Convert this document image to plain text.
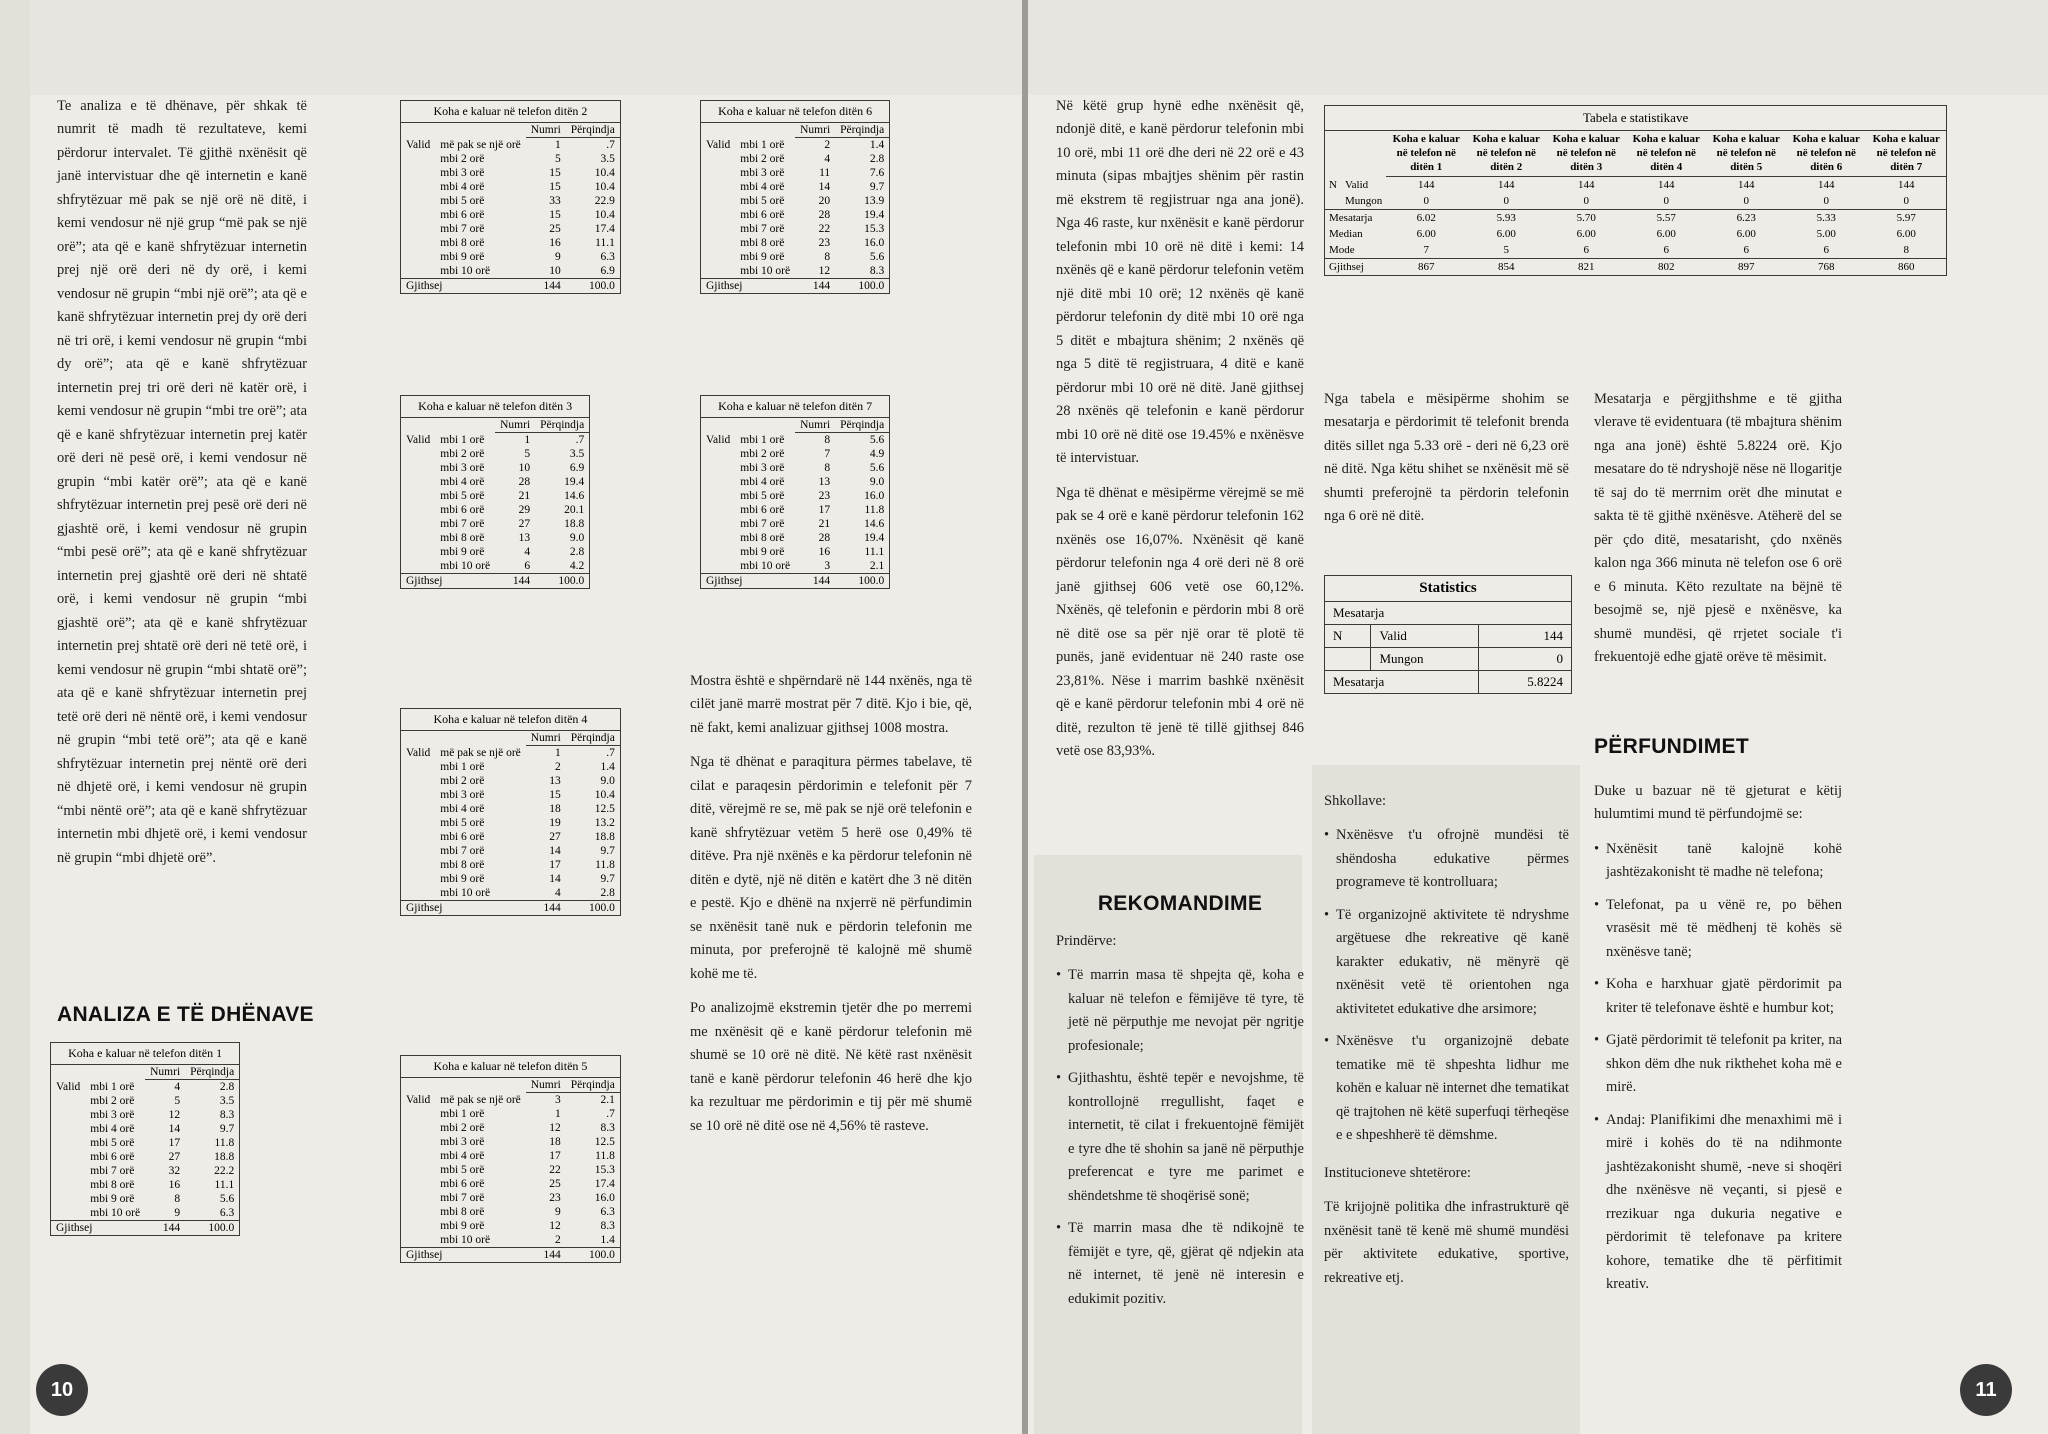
Te analiza e të dhënave, për shkak të numrit të madh të rezultateve, kemi përdorur intervalet. Të gjithë nxënësit që janë intervistuar dhe që internetin e kanë shfrytëzuar më pak se një orë në ditë, i kemi vendosur në një grup “më pak se një orë”; ata që e kanë shfrytëzuar internetin prej një orë deri në dy orë, i kemi vendosur në grupin “mbi një orë”; ata që e kanë shfrytëzuar internetin prej dy orë deri në tri orë, i kemi vendosur në grupin “mbi dy orë”; ata që e kanë shfrytëzuar internetin prej tri orë deri në katër orë, i kemi vendosur në grupin “mbi tre orë”; ata që e kanë shfrytëzuar internetin prej katër orë deri në pesë orë, i kemi vendosur në grupin “mbi katër orë”; ata që e kanë shfrytëzuar internetin prej pesë orë deri në gjashtë orë, i kemi vendosur në grupin “mbi pesë orë”; ata që e kanë shfrytëzuar internetin prej gjashtë orë deri në shtatë orë, i kemi vendosur në grupin “mbi gjashtë orë”; ata që e kanë shfrytëzuar internetin prej shtatë orë deri në tetë orë, i kemi vendosur në grupin “mbi shtatë orë”; ata që e kanë shfrytëzuar internetin prej tetë orë deri në nëntë orë, i kemi vendosur në grupin “mbi tetë orë”; ata që e kanë shfrytëzuar internetin prej nëntë orë deri në dhjetë orë, i kemi vendosur në grupin “mbi nëntë orë”; ata që e kanë shfrytëzuar internetin mbi dhjetë orë, i kemi vendosur në grupin “mbi dhjetë orë”.

ANALIZA E TË DHËNAVE
Koha e kaluar në telefon ditën 1
		Numri	Përqindja
Valid	mbi 1 orë	4	2.8
	mbi 2 orë	5	3.5
	mbi 3 orë	12	8.3
	mbi 4 orë	14	9.7
	mbi 5 orë	17	11.8
	mbi 6 orë	27	18.8
	mbi 7 orë	32	22.2
	mbi 8 orë	16	11.1
	mbi 9 orë	8	5.6
	mbi 10 orë	9	6.3
Gjithsej		144	100.0
Koha e kaluar në telefon ditën 2
		Numri	Përqindja
Valid	më pak se një orë	1	.7
	mbi 2 orë	5	3.5
	mbi 3 orë	15	10.4
	mbi 4 orë	15	10.4
	mbi 5 orë	33	22.9
	mbi 6 orë	15	10.4
	mbi 7 orë	25	17.4
	mbi 8 orë	16	11.1
	mbi 9 orë	9	6.3
	mbi 10 orë	10	6.9
Gjithsej		144	100.0
Koha e kaluar në telefon ditën 3
		Numri	Përqindja
Valid	mbi 1 orë	1	.7
	mbi 2 orë	5	3.5
	mbi 3 orë	10	6.9
	mbi 4 orë	28	19.4
	mbi 5 orë	21	14.6
	mbi 6 orë	29	20.1
	mbi 7 orë	27	18.8
	mbi 8 orë	13	9.0
	mbi 9 orë	4	2.8
	mbi 10 orë	6	4.2
Gjithsej		144	100.0
Koha e kaluar në telefon ditën 4
		Numri	Përqindja
Valid	më pak se një orë	1	.7
	mbi 1 orë	2	1.4
	mbi 2 orë	13	9.0
	mbi 3 orë	15	10.4
	mbi 4 orë	18	12.5
	mbi 5 orë	19	13.2
	mbi 6 orë	27	18.8
	mbi 7 orë	14	9.7
	mbi 8 orë	17	11.8
	mbi 9 orë	14	9.7
	mbi 10 orë	4	2.8
Gjithsej		144	100.0
Koha e kaluar në telefon ditën 5
		Numri	Përqindja
Valid	më pak se një orë	3	2.1
	mbi 1 orë	1	.7
	mbi 2 orë	12	8.3
	mbi 3 orë	18	12.5
	mbi 4 orë	17	11.8
	mbi 5 orë	22	15.3
	mbi 6 orë	25	17.4
	mbi 7 orë	23	16.0
	mbi 8 orë	9	6.3
	mbi 9 orë	12	8.3
	mbi 10 orë	2	1.4
Gjithsej		144	100.0
Koha e kaluar në telefon ditën 6
		Numri	Përqindja
Valid	mbi 1 orë	2	1.4
	mbi 2 orë	4	2.8
	mbi 3 orë	11	7.6
	mbi 4 orë	14	9.7
	mbi 5 orë	20	13.9
	mbi 6 orë	28	19.4
	mbi 7 orë	22	15.3
	mbi 8 orë	23	16.0
	mbi 9 orë	8	5.6
	mbi 10 orë	12	8.3
Gjithsej		144	100.0
Koha e kaluar në telefon ditën 7
		Numri	Përqindja
Valid	mbi 1 orë	8	5.6
	mbi 2 orë	7	4.9
	mbi 3 orë	8	5.6
	mbi 4 orë	13	9.0
	mbi 5 orë	23	16.0
	mbi 6 orë	17	11.8
	mbi 7 orë	21	14.6
	mbi 8 orë	28	19.4
	mbi 9 orë	16	11.1
	mbi 10 orë	3	2.1
Gjithsej		144	100.0

Mostra është e shpërndarë në 144 nxënës, nga të cilët janë marrë mostrat për 7 ditë. Kjo i bie, që, në fakt, kemi analizuar gjithsej 1008 mostra.

Nga të dhënat e paraqitura përmes tabelave, të cilat e paraqesin përdorimin e telefonit për 7 ditë, vërejmë re se, më pak se një orë telefonin e kanë shfrytëzuar vetëm 5 herë ose 0,49% të ditëve. Pra një nxënës e ka përdorur telefonin në ditën e dytë, një në ditën e katërt dhe 3 në ditën e pestë. Kjo e dhënë na nxjerrë në përfundimin se nxënësit tanë nuk e përdorin telefonin me minuta, por preferojnë të kalojnë më shumë kohë me të.

Po analizojmë ekstremin tjetër dhe po merremi me nxënësit që e kanë përdorur telefonin më shumë se 10 orë në ditë. Në këtë rast nxënësit tanë e kanë përdorur telefonin 46 herë dhe kjo ka rezultuar me përdorimin e tij për më shumë se 10 orë në ditë ose në 4,56% të rasteve.

10

Në këtë grup hynë edhe nxënësit që, ndonjë ditë, e kanë përdorur telefonin mbi 10 orë, mbi 11 orë dhe deri në 22 orë e 43 minuta (sipas mbajtjes shënim për rastin më ekstrem të regjistruar nga ana jonë). Nga 46 raste, kur nxënësit e kanë përdorur telefonin mbi 10 orë në ditë i kemi: 14 nxënës që e kanë përdorur telefonin vetëm një ditë mbi 10 orë; 12 nxënës që kanë përdorur telefonin dy ditë mbi 10 orë nga 5 ditët e mbajtura shënim; 2 nxënës që nga 5 ditë të regjistruara, 4 ditë e kanë përdorur mbi 10 orë në ditë. Janë gjithsej 28 nxënës që telefonin e kanë përdorur mbi 10 orë në ditë ose 19.45% e nxënësve të intervistuar.

Nga të dhënat e mësipërme vërejmë se më pak se 4 orë e kanë përdorur telefonin 162 nxënës ose 16,07%. Nxënësit që kanë përdorur telefonin nga 4 orë deri në 8 orë janë gjithsej 606 vetë ose 60,12%. Nxënës, që telefonin e përdorin mbi 8 orë në ditë ose sa për një orar të plotë të punës, janë evidentuar në 240 raste ose 23,81%. Nëse i marrim bashkë nxënësit që e kanë përdorur telefonin mbi 4 orë në ditë, rezulton të jenë të tillë gjithsej 846 vetë ose 83,93%.

REKOMANDIME

Prindërve:

• Të marrin masa të shpejta që, koha e kaluar në telefon e fëmijëve të tyre, të jetë në përputhje me nevojat për ngritje profesionale;
• Gjithashtu, është tepër e nevojshme, të kontrollojnë rregullisht, faqet e internetit, të cilat i frekuentojnë fëmijët e tyre dhe të shohin sa janë në përputhje preferencat e tyre me parimet e shëndetshme të shoqërisë sonë;
• Të marrin masa dhe të ndikojnë te fëmijët e tyre, që, gjërat që ndjekin ata në internet, të jenë në interesin e edukimit pozitiv.
Tabela e statistikave
		Koha e kaluar në telefon në ditën 1	Koha e kaluar në telefon në ditën 2	Koha e kaluar në telefon në ditën 3	Koha e kaluar në telefon në ditën 4	Koha e kaluar në telefon në ditën 5	Koha e kaluar në telefon në ditën 6	Koha e kaluar në telefon në ditën 7
N	Valid	144	144	144	144	144	144	144
	Mungon	0	0	0	0	0	0	0
Mesatarja		6.02	5.93	5.70	5.57	6.23	5.33	5.97
Median		6.00	6.00	6.00	6.00	6.00	5.00	6.00
Mode		7	5	6	6	6	6	8
Gjithsej		867	854	821	802	897	768	860

Nga tabela e mësipërme shohim se mesatarja e përdorimit të telefonit brenda ditës sillet nga 5.33 orë - deri në 6,23 orë në ditë. Nga këtu shihet se nxënësit më së shumti preferojnë ta përdorin telefonin nga 6 orë në ditë.

Statistics
Mesatarja		
N	Valid	144
	Mungon	0
Mesatarja		5.8224

Shkollave:

• Nxënësve t'u ofrojnë mundësi të shëndosha edukative përmes programeve të kontrolluara;
• Të organizojnë aktivitete të ndryshme argëtuese dhe rekreative që kanë karakter edukativ, në mënyrë që nxënësit vetë të orientohen nga aktivitetet edukative dhe arsimore;
• Nxënësve t'u organizojnë debate tematike më të shpeshta lidhur me kohën e kaluar në internet dhe tematikat që trajtohen në këtë superfuqi tërheqëse e e shpeshherë të dëmshme.

Institucioneve shtetërore:

Të krijojnë politika dhe infrastrukturë që nxënësit tanë të kenë më shumë mundësi për aktivitete edukative, sportive, rekreative etj.

Mesatarja e përgjithshme e të gjitha vlerave të evidentuara (të mbajtura shënim nga ana jonë) është 5.8224 orë. Kjo mesatare do të ndryshojë nëse në llogaritje të saj do të merrnim orët dhe minutat e sakta të të gjithë nxënësve. Atëherë del se për çdo ditë, mesatarisht, çdo nxënës kalon nga 366 minuta në telefon ose 6 orë e 6 minuta. Këto rezultate na bëjnë të besojmë se, një pjesë e nxënësve, ka shumë mundësi, që rrjetet sociale t'i frekuentojë edhe gjatë orëve të mësimit.

PËRFUNDIMET

Duke u bazuar në të gjeturat e këtij hulumtimi mund të përfundojmë se:

• Nxënësit tanë kalojnë kohë jashtëzakonisht të madhe në telefona;
• Telefonat, pa u vënë re, po bëhen vrasësit më të mëdhenj të kohës së nxënësve tanë;
• Koha e harxhuar gjatë përdorimit pa kriter të telefonave është e humbur kot;
• Gjatë përdorimit të telefonit pa kriter, na shkon dëm dhe nuk rikthehet koha më e mirë.
• Andaj: Planifikimi dhe menaxhimi më i mirë i kohës do të na ndihmonte jashtëzakonisht shumë, -neve si shoqëri dhe nxënësve në veçanti, si pjesë e rrezikuar nga dukuria negative e përdorimit të telefonave pa kritere kohore, tematike dhe të përfitimit kreativ.
11
